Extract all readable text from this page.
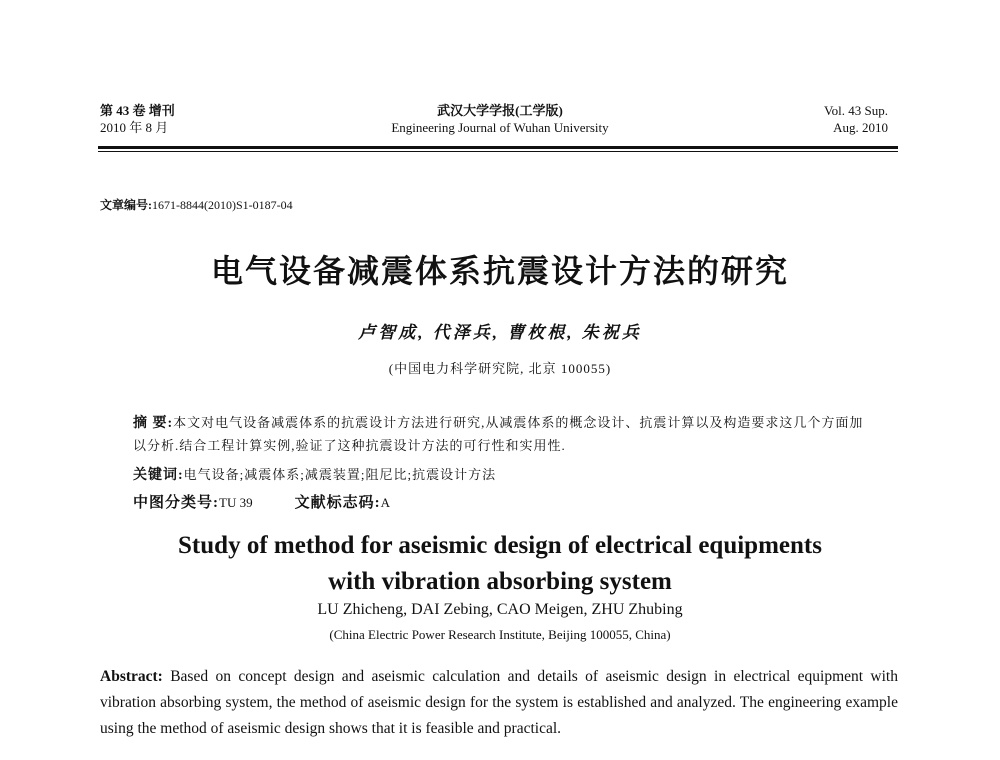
第 43 卷 增刊
2010 年 8 月
武汉大学学报(工学版)
Engineering Journal of Wuhan University
Vol. 43 Sup.
Aug. 2010
文章编号:1671-8844(2010)S1-0187-04
电气设备减震体系抗震设计方法的研究
卢智成, 代泽兵, 曹枚根, 朱祝兵
(中国电力科学研究院, 北京 100055)
摘 要:本文对电气设备减震体系的抗震设计方法进行研究,从减震体系的概念设计、抗震计算以及构造要求这几个方面加以分析.结合工程计算实例,验证了这种抗震设计方法的可行性和实用性.
关键词:电气设备;减震体系;减震装置;阻尼比;抗震设计方法
中图分类号:TU 39	文献标志码:A
Study of method for aseismic design of electrical equipments
with vibration absorbing system
LU Zhicheng, DAI Zebing, CAO Meigen, ZHU Zhubing
(China Electric Power Research Institute, Beijing 100055, China)
Abstract: Based on concept design and aseismic calculation and details of aseismic design in electrical equipment with vibration absorbing system, the method of aseismic design for the system is established and analyzed. The engineering example using the method of aseismic design shows that it is feasible and practical.
